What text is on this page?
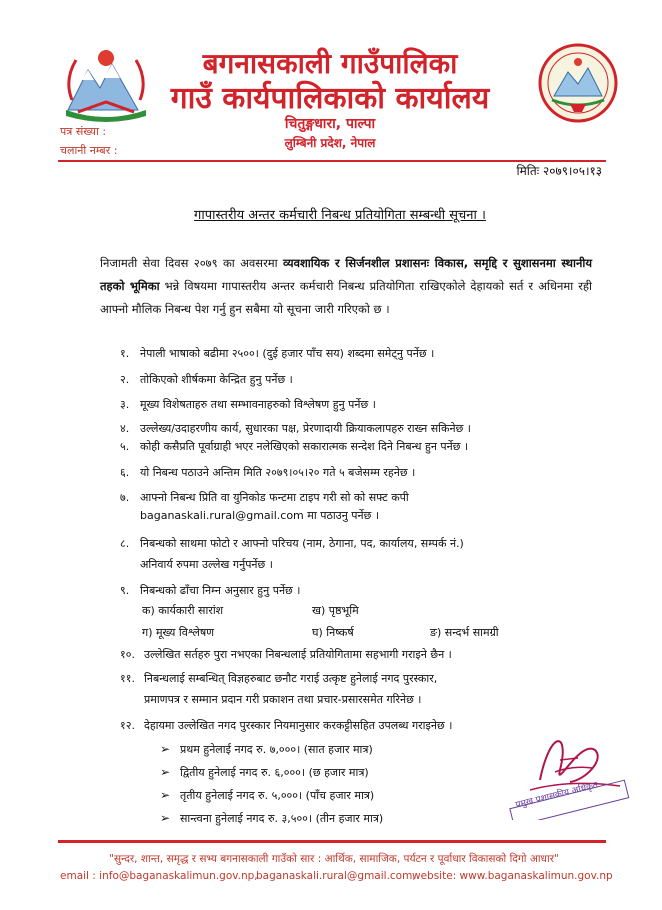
बगनासकाली गाउँपालिका
गाउँ कार्यपालिकाको कार्यालय
चितुङ्गधारा, पाल्पा
लुम्बिनी प्रदेश, नेपाल
पत्र संख्या :
चलानी नम्बर :
मितिः २०७९।०५।१३
गापास्तरीय अन्तर कर्मचारी निबन्ध प्रतियोगिता सम्बन्धी सूचना ।
निजामती सेवा दिवस २०७९ का अवसरमा व्यवशायिक र सिर्जनशील प्रशासनः विकास, समृद्दि र सुशासनमा स्थानीय तहको भूमिका भन्ने विषयमा गापास्तरीय अन्तर कर्मचारी निबन्ध प्रतियोगिता राखिएकोले देहायको सर्त र अधिनमा रही आफ्नो मौलिक निबन्ध पेश गर्नु हुन सबैमा यो सूचना जारी गरिएको छ ।
१. नेपाली भाषाको बढीमा २५००। (दुई हजार पाँच सय) शब्दमा समेट्नु पर्नेछ ।
२. तोकिएको शीर्षकमा केन्द्रित हुनु पर्नेछ ।
३. मूख्य विशेषताहरु तथा सम्भावनाहरुको विश्लेषण हुनु पर्नेछ ।
४. उल्लेख्य/उदाहरणीय कार्य, सुधारका पक्ष, प्रेरणादायी क्रियाकलापहरु राख्न सकिनेछ ।
५. कोही कसैप्रति पूर्वाग्राही भएर नलेखिएको सकारात्मक सन्देश दिने निबन्ध हुन पर्नेछ ।
६. यो निबन्ध पठाउने अन्तिम मिति २०७९।०५।२० गते ५ बजेसम्म रहनेछ ।
७. आफ्नो निबन्ध प्रिति वा युनिकोड फन्टमा टाइप गरी सो को सफ्ट कपी
baganaskali.rural@gmail.com मा पठाउनु पर्नेछ ।
८. निबन्धको साथमा फोटो र आफ्नो परिचय (नाम, ठेगाना, पद, कार्यालय, सम्पर्क नं.)
अनिवार्य रुपमा उल्लेख गर्नुपर्नेछ ।
९. निबन्धको ढाँचा निम्न अनुसार हुनु पर्नेछ ।
क) कार्यकारी सारांश	ख) पृष्ठभूमि
ग) मूख्य विश्लेषण	घ) निष्कर्ष	ङ) सन्दर्भ सामग्री
१०. उल्लेखित सर्तहरु पुरा नभएका निबन्धलाई प्रतियोगितामा सहभागी गराइने छैन ।
११. निबन्धलाई सम्बन्धित् विज्ञहरुबाट छनौट गराई उत्कृष्ट हुनेलाई नगद पुरस्कार,
प्रमाणपत्र र सम्मान प्रदान गरी प्रकाशन तथा प्रचार-प्रसारसमेत गरिनेछ ।
१२. देहायमा उल्लेखित नगद पुरस्कार नियमानुसार करकट्टीसहित उपलब्ध गराइनेछ ।
➢ प्रथम हुनेलाई नगद रु. ७,०००। (सात हजार मात्र)
➢ द्वितीय हुनेलाई नगद रु. ६,०००। (छ हजार मात्र)
➢ तृतीय हुनेलाई नगद रु. ५,०००। (पाँच हजार मात्र)
➢ सान्त्वना हुनेलाई नगद रु. ३,५००। (तीन हजार मात्र)
प्रमुख प्रशासकीय अधिकृत
"सुन्दर, शान्त, समृद्ध र सभ्य बगनासकाली गाउँको सार : आर्थिक, सामाजिक, पर्यटन र पूर्वाधार विकासको दिगो आधार"
email : info@baganaskalimun.gov.np,
baganaskali.rural@gmail.com,
website: www.baganaskalimun.gov.np
